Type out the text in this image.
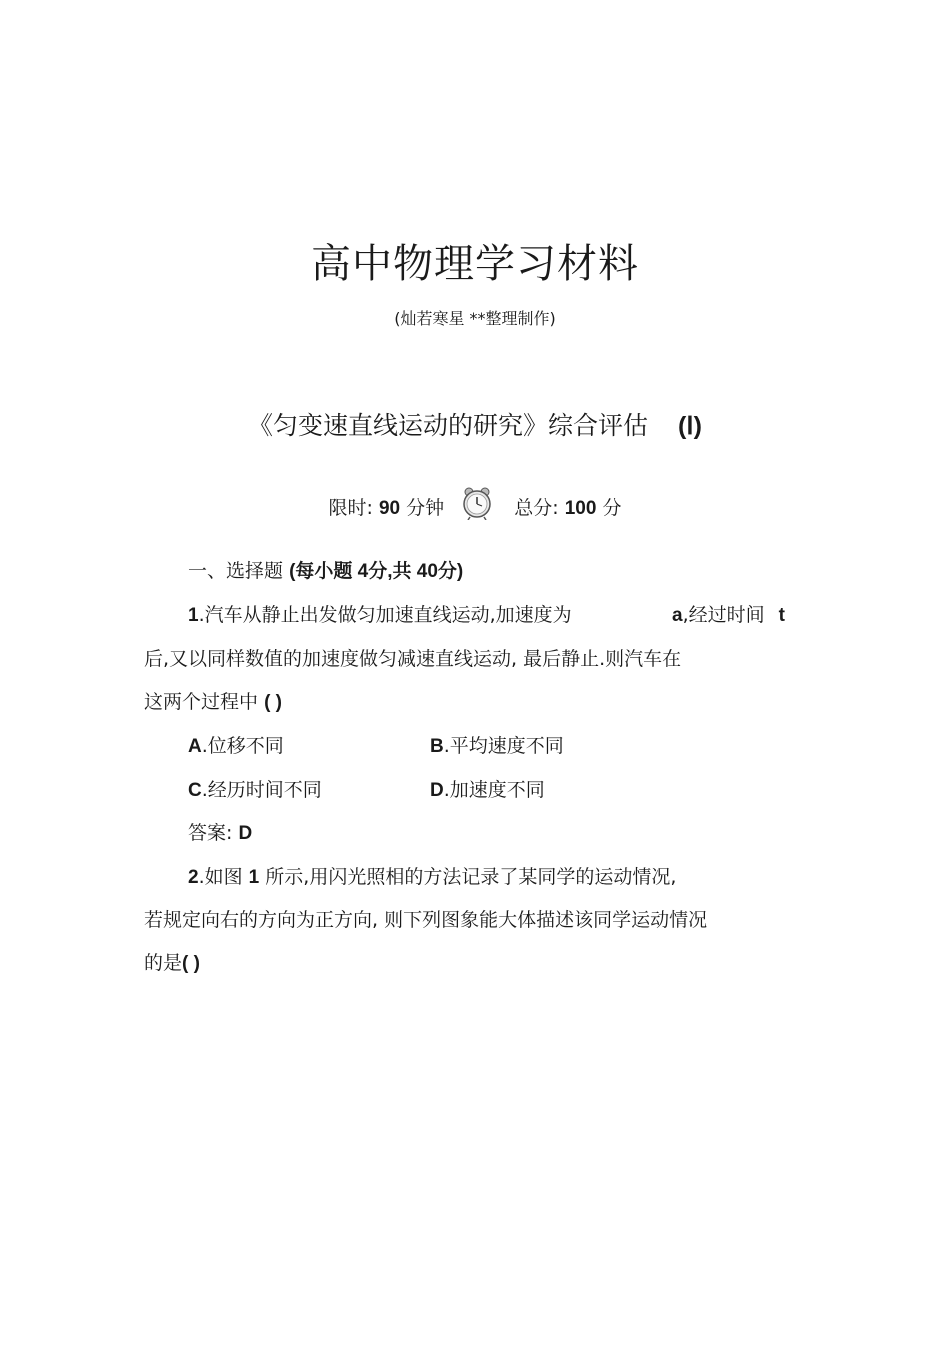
高中物理学习材料
(灿若寒星 **整理制作)
《匀变速直线运动的研究》综合评估 (Ⅰ)
限时: 90 分钟	总分: 100 分
一、选择题 (每小题 4分,共 40分)
1.汽车从静止出发做匀加速直线运动,加速度为	a,经过时间 t
后,又以同样数值的加速度做匀减速直线运动, 最后静止.则汽车在
这两个过程中 ( )
A.位移不同	B.平均速度不同
C.经历时间不同	D.加速度不同
答案: D
2.如图 1 所示,用闪光照相的方法记录了某同学的运动情况,
若规定向右的方向为正方向, 则下列图象能大体描述该同学运动情况
的是( )
